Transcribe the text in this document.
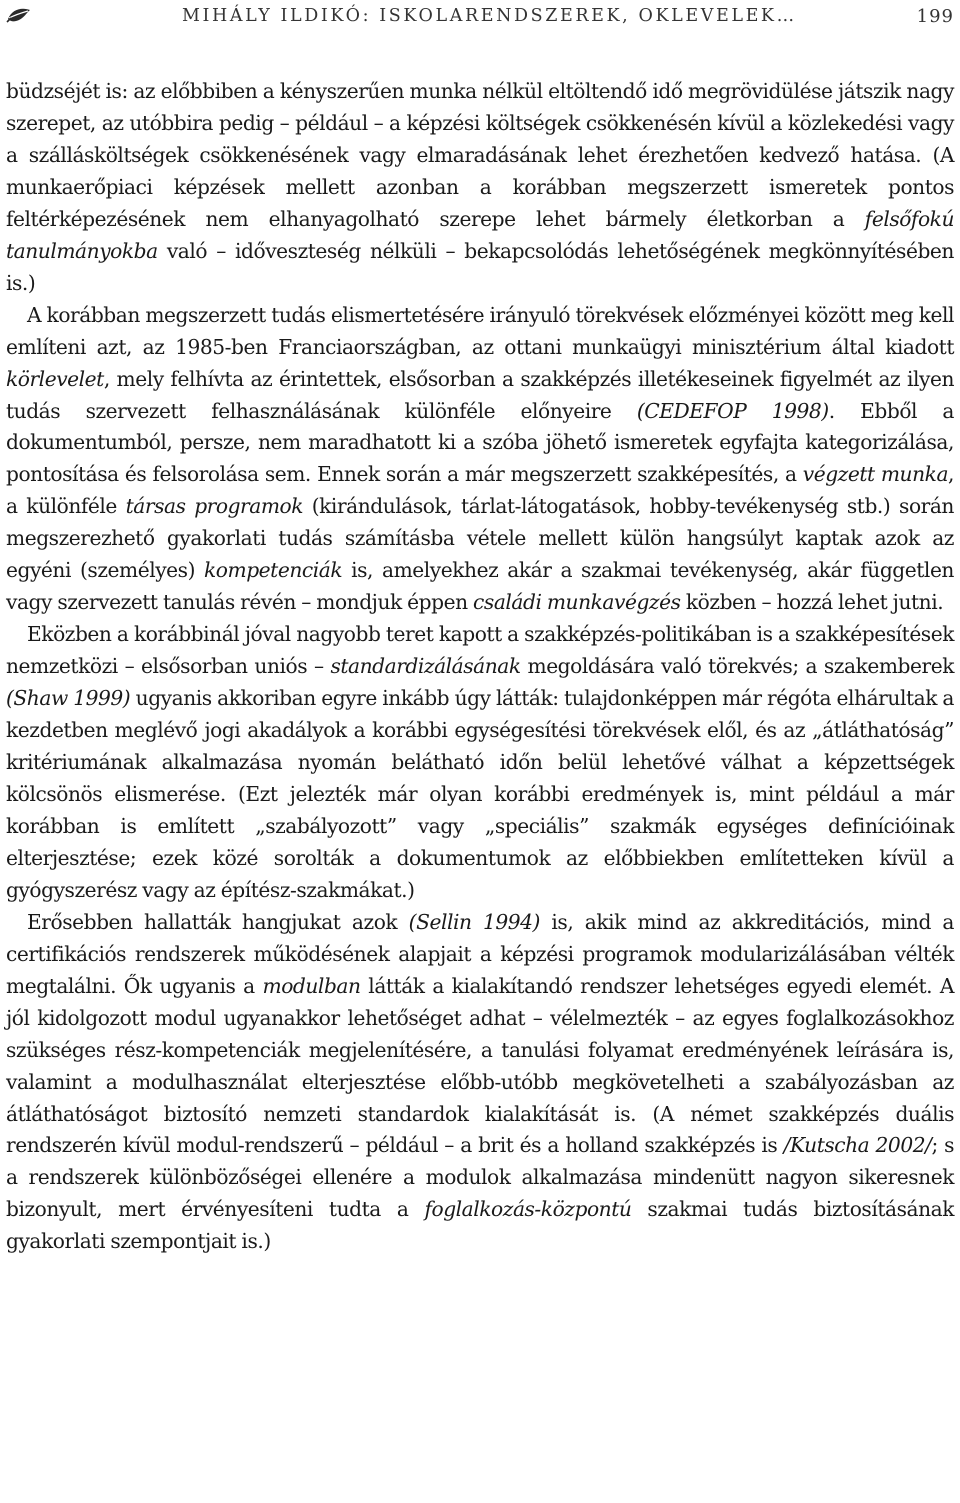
MIHÁLY ILDIKÓ: ISKOLARENDSZEREK, OKLEVELEK…	199

büdzséjét is: az előbbiben a kényszerűen munka nélkül eltöltendő idő megrövidülése játszik nagy szerepet, az utóbbira pedig – például – a képzési költségek csökkenésén kívül a közlekedési vagy a szállásköltségek csökkenésének vagy elmaradásának lehet érezhetően kedvező hatása. (A munkaerőpiaci képzések mellett azonban a korábban megszerzett ismeretek pontos feltérképezésének nem elhanyagolható szerepe lehet bármely életkorban a felsőfokú tanulmányokba való – időveszteség nélküli – bekapcsolódás lehetőségének megkönnyítésében is.)

A korábban megszerzett tudás elismertetésére irányuló törekvések előzményei között meg kell említeni azt, az 1985-ben Franciaországban, az ottani munkaügyi minisztérium által kiadott körlevelet, mely felhívta az érintettek, elsősorban a szakképzés illetékeseinek figyelmét az ilyen tudás szervezett felhasználásának különféle előnyeire (CEDEFOP 1998). Ebből a dokumentumból, persze, nem maradhatott ki a szóba jöhető ismeretek egyfajta kategorizálása, pontosítása és felsorolása sem. Ennek során a már megszerzett szakképesítés, a végzett munka, a különféle társas programok (kirándulások, tárlat-látogatások, hobby-tevékenység stb.) során megszerezhető gyakorlati tudás számításba vétele mellett külön hangsúlyt kaptak azok az egyéni (személyes) kompetenciák is, amelyekhez akár a szakmai tevékenység, akár független vagy szervezett tanulás révén – mondjuk éppen családi munkavégzés közben – hozzá lehet jutni.

Eközben a korábbinál jóval nagyobb teret kapott a szakképzés-politikában is a szakképesítések nemzetközi – elsősorban uniós – standardizálásának megoldására való törekvés; a szakemberek (Shaw 1999) ugyanis akkoriban egyre inkább úgy látták: tulajdonképpen már régóta elhárultak a kezdetben meglévő jogi akadályok a korábbi egységesítési törekvések elől, és az „átláthatóság” kritériumának alkalmazása nyomán belátható időn belül lehetővé válhat a képzettségek kölcsönös elismerése. (Ezt jelezték már olyan korábbi eredmények is, mint például a már korábban is említett „szabályozott” vagy „speciális” szakmák egységes definícióinak elterjesztése; ezek közé sorolták a dokumentumok az előbbiekben említetteken kívül a gyógyszerész vagy az építész-szakmákat.)

Erősebben hallatták hangjukat azok (Sellin 1994) is, akik mind az akkreditációs, mind a certifikációs rendszerek működésének alapjait a képzési programok modularizálásában vélték megtalálni. Ők ugyanis a modulban látták a kialakítandó rendszer lehetséges egyedi elemét. A jól kidolgozott modul ugyanakkor lehetőséget adhat – vélelmezték – az egyes foglalkozásokhoz szükséges rész-kompetenciák megjelenítésére, a tanulási folyamat eredményének leírására is, valamint a modulhasználat elterjesztése előbb-utóbb megkövetelheti a szabályozásban az átláthatóságot biztosító nemzeti standardok kialakítását is. (A német szakképzés duális rendszerén kívül modul-rendszerű – például – a brit és a holland szakképzés is /Kutscha 2002/; s a rendszerek különbözőségei ellenére a modulok alkalmazása mindenütt nagyon sikeresnek bizonyult, mert érvényesíteni tudta a foglalkozás-központú szakmai tudás biztosításának gyakorlati szempontjait is.)
